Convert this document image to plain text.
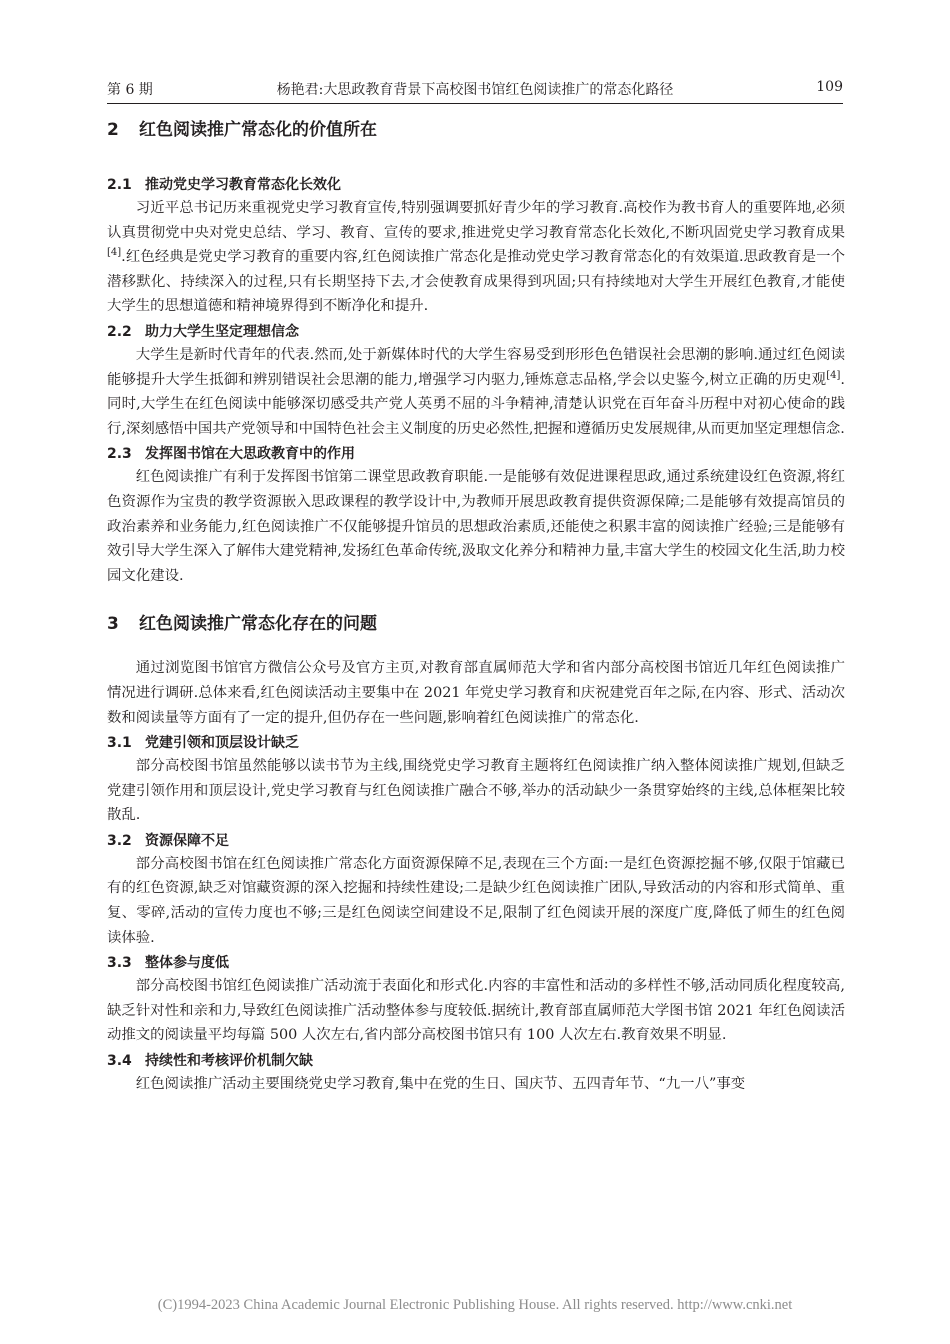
第 6 期	杨艳君:大思政教育背景下高校图书馆红色阅读推广的常态化路径	109
2 红色阅读推广常态化的价值所在
2.1 推动党史学习教育常态化长效化

习近平总书记历来重视党史学习教育宣传,特别强调要抓好青少年的学习教育.高校作为教书育人的重要阵地,必须认真贯彻党中央对党史总结、学习、教育、宣传的要求,推进党史学习教育常态化长效化,不断巩固党史学习教育成果[4].红色经典是党史学习教育的重要内容,红色阅读推广常态化是推动党史学习教育常态化的有效渠道.思政教育是一个潜移默化、持续深入的过程,只有长期坚持下去,才会使教育成果得到巩固;只有持续地对大学生开展红色教育,才能使大学生的思想道德和精神境界得到不断净化和提升.

2.2 助力大学生坚定理想信念

大学生是新时代青年的代表.然而,处于新媒体时代的大学生容易受到形形色色错误社会思潮的影响.通过红色阅读能够提升大学生抵御和辨别错误社会思潮的能力,增强学习内驱力,锤炼意志品格,学会以史鉴今,树立正确的历史观[4].同时,大学生在红色阅读中能够深切感受共产党人英勇不屈的斗争精神,清楚认识党在百年奋斗历程中对初心使命的践行,深刻感悟中国共产党领导和中国特色社会主义制度的历史必然性,把握和遵循历史发展规律,从而更加坚定理想信念.

2.3 发挥图书馆在大思政教育中的作用

红色阅读推广有利于发挥图书馆第二课堂思政教育职能.一是能够有效促进课程思政,通过系统建设红色资源,将红色资源作为宝贵的教学资源嵌入思政课程的教学设计中,为教师开展思政教育提供资源保障;二是能够有效提高馆员的政治素养和业务能力,红色阅读推广不仅能够提升馆员的思想政治素质,还能使之积累丰富的阅读推广经验;三是能够有效引导大学生深入了解伟大建党精神,发扬红色革命传统,汲取文化养分和精神力量,丰富大学生的校园文化生活,助力校园文化建设.

3 红色阅读推广常态化存在的问题

通过浏览图书馆官方微信公众号及官方主页,对教育部直属师范大学和省内部分高校图书馆近几年红色阅读推广情况进行调研.总体来看,红色阅读活动主要集中在 2021 年党史学习教育和庆祝建党百年之际,在内容、形式、活动次数和阅读量等方面有了一定的提升,但仍存在一些问题,影响着红色阅读推广的常态化.

3.1 党建引领和顶层设计缺乏

部分高校图书馆虽然能够以读书节为主线,围绕党史学习教育主题将红色阅读推广纳入整体阅读推广规划,但缺乏党建引领作用和顶层设计,党史学习教育与红色阅读推广融合不够,举办的活动缺少一条贯穿始终的主线,总体框架比较散乱.

3.2 资源保障不足

部分高校图书馆在红色阅读推广常态化方面资源保障不足,表现在三个方面:一是红色资源挖掘不够,仅限于馆藏已有的红色资源,缺乏对馆藏资源的深入挖掘和持续性建设;二是缺少红色阅读推广团队,导致活动的内容和形式简单、重复、零碎,活动的宣传力度也不够;三是红色阅读空间建设不足,限制了红色阅读开展的深度广度,降低了师生的红色阅读体验.

3.3 整体参与度低

部分高校图书馆红色阅读推广活动流于表面化和形式化.内容的丰富性和活动的多样性不够,活动同质化程度较高,缺乏针对性和亲和力,导致红色阅读推广活动整体参与度较低.据统计,教育部直属师范大学图书馆 2021 年红色阅读活动推文的阅读量平均每篇 500 人次左右,省内部分高校图书馆只有 100 人次左右.教育效果不明显.

3.4 持续性和考核评价机制欠缺

红色阅读推广活动主要围绕党史学习教育,集中在党的生日、国庆节、五四青年节、“九一八”事变

(C)1994-2023 China Academic Journal Electronic Publishing House. All rights reserved. http://www.cnki.net
